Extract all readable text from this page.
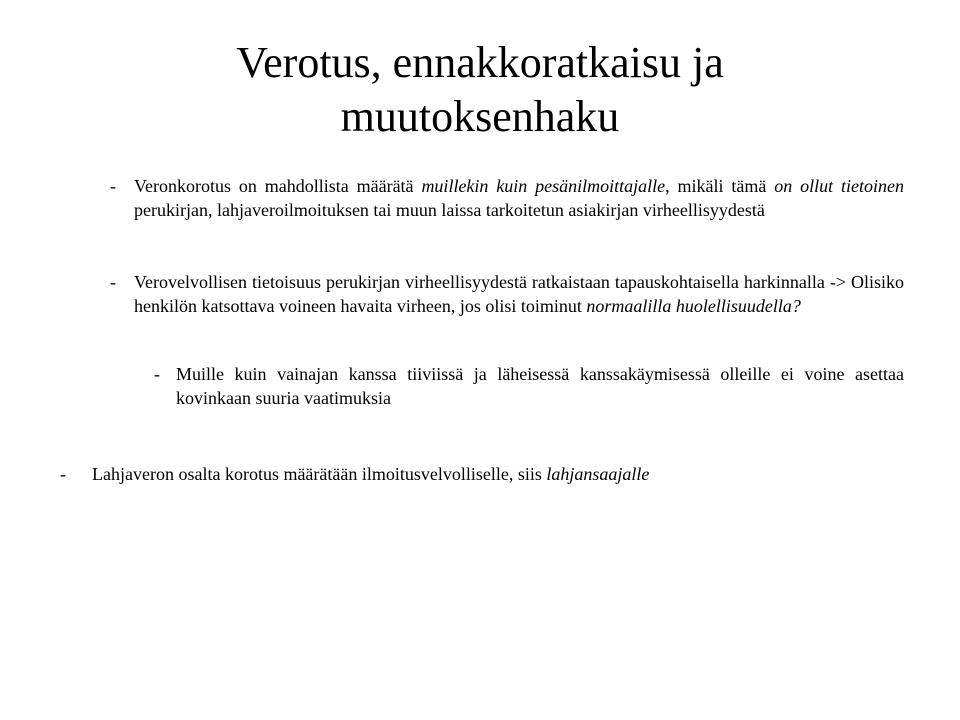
Verotus, ennakkoratkaisu ja
muutoksenhaku

- Veronkorotus on mahdollista määrätä muillekin kuin pesänilmoittajalle, mikäli tämä on ollut tietoinen perukirjan, lahjaveroilmoituksen tai muun laissa tarkoitetun asiakirjan virheellisyydestä

- Verovelvollisen tietoisuus perukirjan virheellisyydestä ratkaistaan tapauskohtaisella harkinnalla -> Olisiko henkilön katsottava voineen havaita virheen, jos olisi toiminut normaalilla huolellisuudella?

- Muille kuin vainajan kanssa tiiviissä ja läheisessä kanssakäymisessä olleille ei voine asettaa kovinkaan suuria vaatimuksia

- Lahjaveron osalta korotus määrätään ilmoitusvelvolliselle, siis lahjansaajalle
